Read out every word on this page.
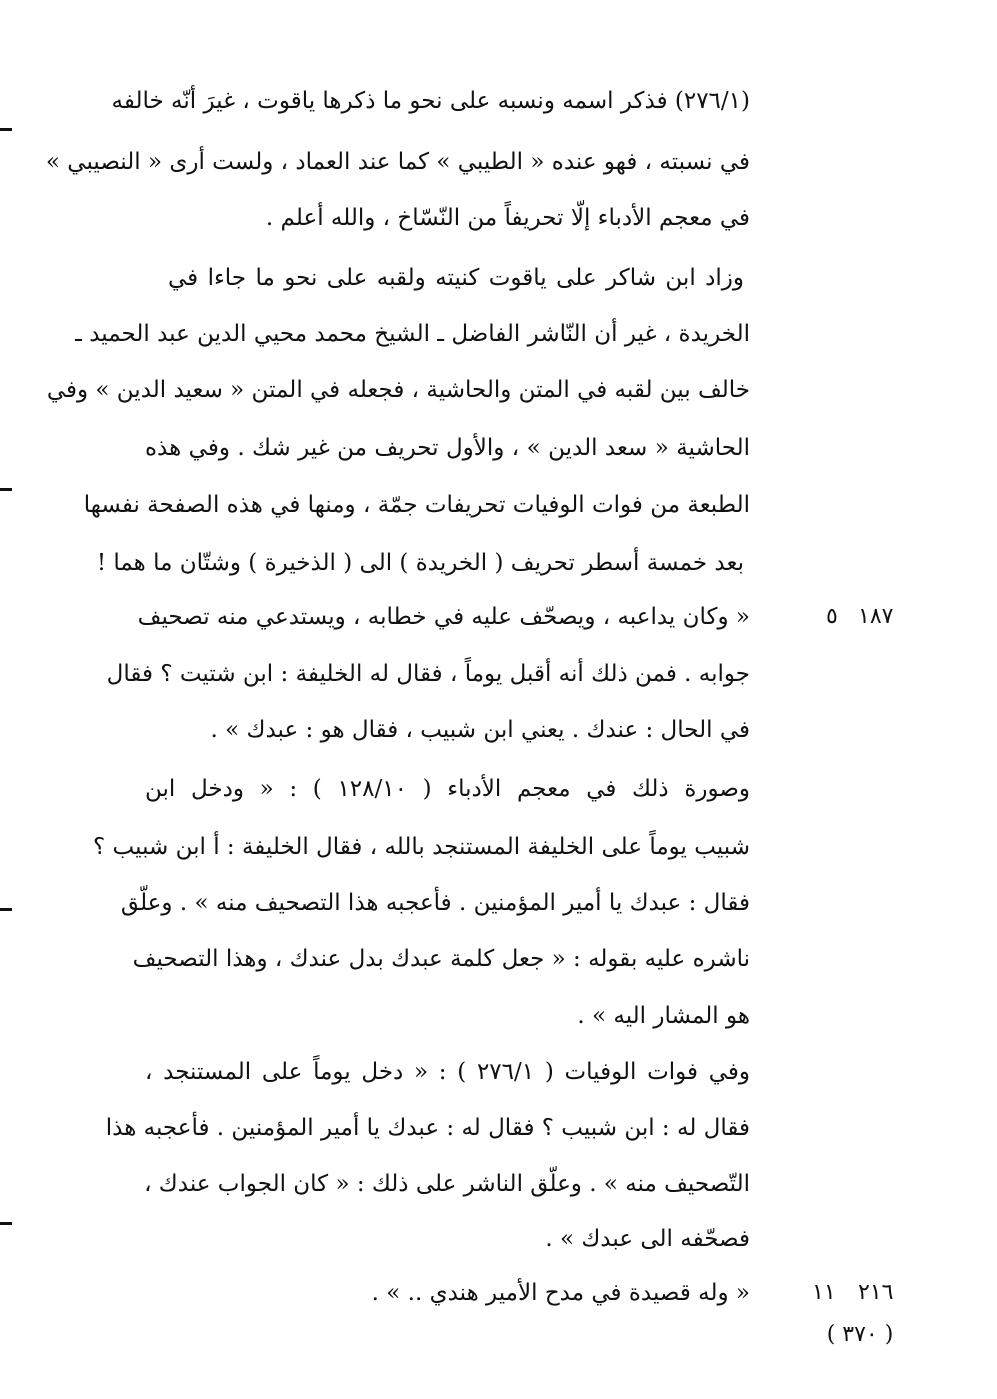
(٢٧٦/١) فذكر اسمه ونسبه على نحو ما ذكرها ياقوت ، غيرَ أنّه خالفه
في نسبته ، فهو عنده « الطيبي » كما عند العماد ، ولست أرى « النصيبي »
في معجم الأدباء إلّا تحريفاً من النّسّاخ ، والله أعلم .
وزاد ابن شاكر على ياقوت كنيته ولقبه على نحو ما جاءا في
الخريدة ، غير أن النّاشر الفاضل ـ الشيخ محمد محيي الدين عبد الحميد ـ
خالف بين لقبه في المتن والحاشية ، فجعله في المتن « سعيد الدين » وفي
الحاشية « سعد الدين » ، والأول تحريف من غير شك . وفي هذه
الطبعة من فوات الوفيات تحريفات جمّة ، ومنها في هذه الصفحة نفسها
بعد خمسة أسطر تحريف ( الخريدة ) الى ( الذخيرة ) وشتّان ما هما !
١٨٧
٥
« وكان يداعبه ، ويصحّف عليه في خطابه ، ويستدعي منه تصحيف
جوابه . فمن ذلك أنه أقبل يوماً ، فقال له الخليفة : ابن شتيت ؟ فقال
في الحال : عندك . يعني ابن شبيب ، فقال هو : عبدك » .
وصورة ذلك في معجم الأدباء ( ١٢٨/١٠ ) : « ودخل ابن
شبيب يوماً على الخليفة المستنجد بالله ، فقال الخليفة : أ ابن شبيب ؟
فقال : عبدك يا أمير المؤمنين . فأعجبه هذا التصحيف منه » . وعلّق
ناشره عليه بقوله : « جعل كلمة عبدك بدل عندك ، وهذا التصحيف
هو المشار اليه » .
وفي فوات الوفيات ( ٢٧٦/١ ) : « دخل يوماً على المستنجد ،
فقال له : ابن شبيب ؟ فقال له : عبدك يا أمير المؤمنين . فأعجبه هذا
التّصحيف منه » . وعلّق الناشر على ذلك : « كان الجواب عندك ،
فصحّفه الى عبدك » .
٢١٦
١١
« وله قصيدة في مدح الأمير هندي .. » .
( ٣٧٠ )
